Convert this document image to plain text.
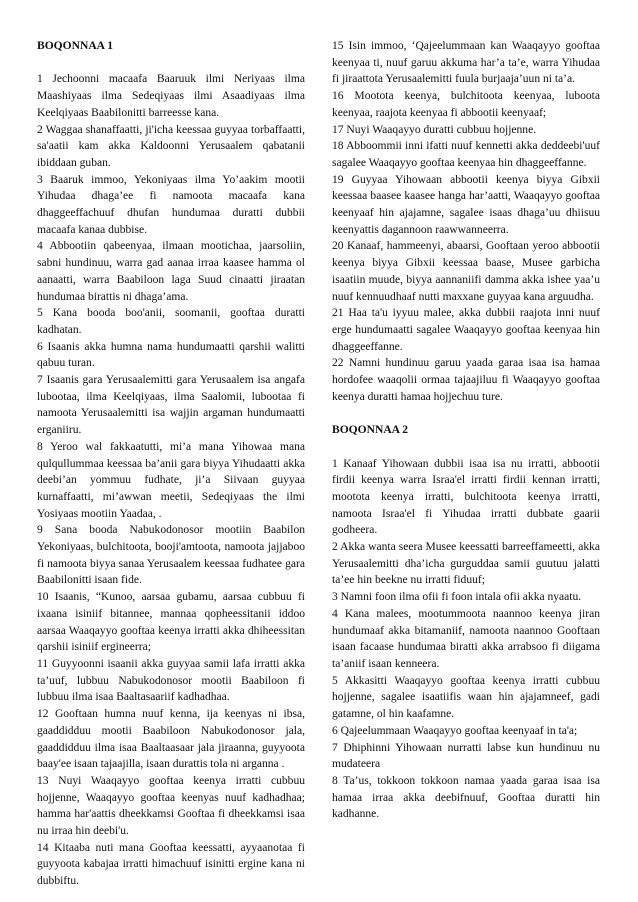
BOQONNAA 1

1 Jechoonni macaafa Baaruuk ilmi Neriyaas ilma Maashiyaas ilma Sedeqiyaas ilmi Asaadiyaas ilma Keelqiyaas Baabilonitti barreesse kana.

2 Waggaa shanaffaatti, ji'icha keessaa guyyaa torbaffaatti, sa'aatii kam akka Kaldoonni Yerusaalem qabatanii ibiddaan guban.

3 Baaruk immoo, Yekoniyaas ilma Yo’aakim mootii Yihudaa dhaga’ee fi namoota macaafa kana dhaggeeffachuuf dhufan hundumaa duratti dubbii macaafa kanaa dubbise.

4 Abbootiin qabeenyaa, ilmaan mootichaa, jaarsoliin, sabni hundinuu, warra gad aanaa irraa kaasee hamma ol aanaatti, warra Baabiloon laga Suud cinaatti jiraatan hundumaa birattis ni dhaga’ama.

5 Kana booda boo'anii, soomanii, gooftaa duratti kadhatan.

6 Isaanis akka humna nama hundumaatti qarshii walitti qabuu turan.

7 Isaanis gara Yerusaalemitti gara Yerusaalem isa angafa lubootaa, ilma Keelqiyaas, ilma Saalomii, lubootaa fi namoota Yerusaalemitti isa wajjin argaman hundumaatti erganiiru.

8 Yeroo wal fakkaatutti, mi’a mana Yihowaa mana qulqullummaa keessaa ba’anii gara biyya Yihudaatti akka deebi’an yommuu fudhate, ji’a Siivaan guyyaa kurnaffaatti, mi’awwan meetii, Sedeqiyaas the ilmi Yosiyaas mootiin Yaadaa, .

9 Sana booda Nabukodonosor mootiin Baabilon Yekoniyaas, bulchitoota, booji'amtoota, namoota jajjaboo fi namoota biyya sanaa Yerusaalem keessaa fudhatee gara Baabilonitti isaan fide.

10 Isaanis, “Kunoo, aarsaa gubamu, aarsaa cubbuu fi ixaana isiniif bitannee, mannaa qopheessitanii iddoo aarsaa Waaqayyo gooftaa keenya irratti akka dhiheessitan qarshii isiniif ergineerra;

11 Guyyoonni isaanii akka guyyaa samii lafa irratti akka ta’uuf, lubbuu Nabukodonosor mootii Baabiloon fi lubbuu ilma isaa Baaltasaariif kadhadhaa.

12 Gooftaan humna nuuf kenna, ija keenyas ni ibsa, gaaddidduu mootii Baabiloon Nabukodonosor jala, gaaddidduu ilma isaa Baaltaasaar jala jiraanna, guyyoota baay'ee isaan tajaajilla, isaan durattis tola ni arganna .

13 Nuyi Waaqayyo gooftaa keenya irratti cubbuu hojjenne, Waaqayyo gooftaa keenyas nuuf kadhadhaa; hamma har'aattis dheekkamsi Gooftaa fi dheekkamsi isaa nu irraa hin deebi'u.

14 Kitaaba nuti mana Gooftaa keessatti, ayyaanotaa fi guyyoota kabajaa irratti himachuuf isinitti ergine kana ni dubbiftu.

15 Isin immoo, ‘Qajeelummaan kan Waaqayyo gooftaa keenyaa ti, nuuf garuu akkuma har’a ta’e, warra Yihudaa fi jiraattota Yerusaalemitti fuula burjaaja’uun ni ta’a.

16 Mootota keenya, bulchitoota keenyaa, luboota keenyaa, raajota keenyaa fi abbootii keenyaaf;

17 Nuyi Waaqayyo duratti cubbuu hojjenne.

18 Abboommii inni ifatti nuuf kennetti akka deddeebi'uuf sagalee Waaqayyo gooftaa keenyaa hin dhaggeeffanne.

19 Guyyaa Yihowaan abbootii keenya biyya Gibxii keessaa baasee kaasee hanga har’aatti, Waaqayyo gooftaa keenyaaf hin ajajamne, sagalee isaas dhaga’uu dhiisuu keenyattis dagannoon raawwanneerra.

20 Kanaaf, hammeenyi, abaarsi, Gooftaan yeroo abbootii keenya biyya Gibxii keessaa baase, Musee garbicha isaatiin muude, biyya aannaniifi damma akka ishee yaa’u nuuf kennuudhaaf nutti maxxane guyyaa kana arguudha.

21 Haa ta'u iyyuu malee, akka dubbii raajota inni nuuf erge hundumaatti sagalee Waaqayyo gooftaa keenyaa hin dhaggeeffanne.

22 Namni hundinuu garuu yaada garaa isaa isa hamaa hordofee waaqolii ormaa tajaajiluu fi Waaqayyo gooftaa keenya duratti hamaa hojjechuu ture.

BOQONNAA 2

1 Kanaaf Yihowaan dubbii isaa isa nu irratti, abbootii firdii keenya warra Israa'el irratti firdii kennan irratti, mootota keenya irratti, bulchitoota keenya irratti, namoota Israa'el fi Yihudaa irratti dubbate gaarii godheera.

2 Akka wanta seera Musee keessatti barreeffameetti, akka Yerusaalemitti dha’icha gurguddaa samii guutuu jalatti ta’ee hin beekne nu irratti fiduuf;

3 Namni foon ilma ofii fi foon intala ofii akka nyaatu.

4 Kana malees, mootummoota naannoo keenya jiran hundumaaf akka bitamaniif, namoota naannoo Gooftaan isaan facaase hundumaa biratti akka arrabsoo fi diigama ta’aniif isaan kenneera.

5 Akkasitti Waaqayyo gooftaa keenya irratti cubbuu hojjenne, sagalee isaatiifis waan hin ajajamneef, gadi gatamne, ol hin kaafamne.

6 Qajeelummaan Waaqayyo gooftaa keenyaaf in ta'a;

7 Dhiphinni Yihowaan nurratti labse kun hundinuu nu mudateera

8 Ta’us, tokkoon tokkoon namaa yaada garaa isaa isa hamaa irraa akka deebifnuuf, Gooftaa duratti hin kadhanne.
